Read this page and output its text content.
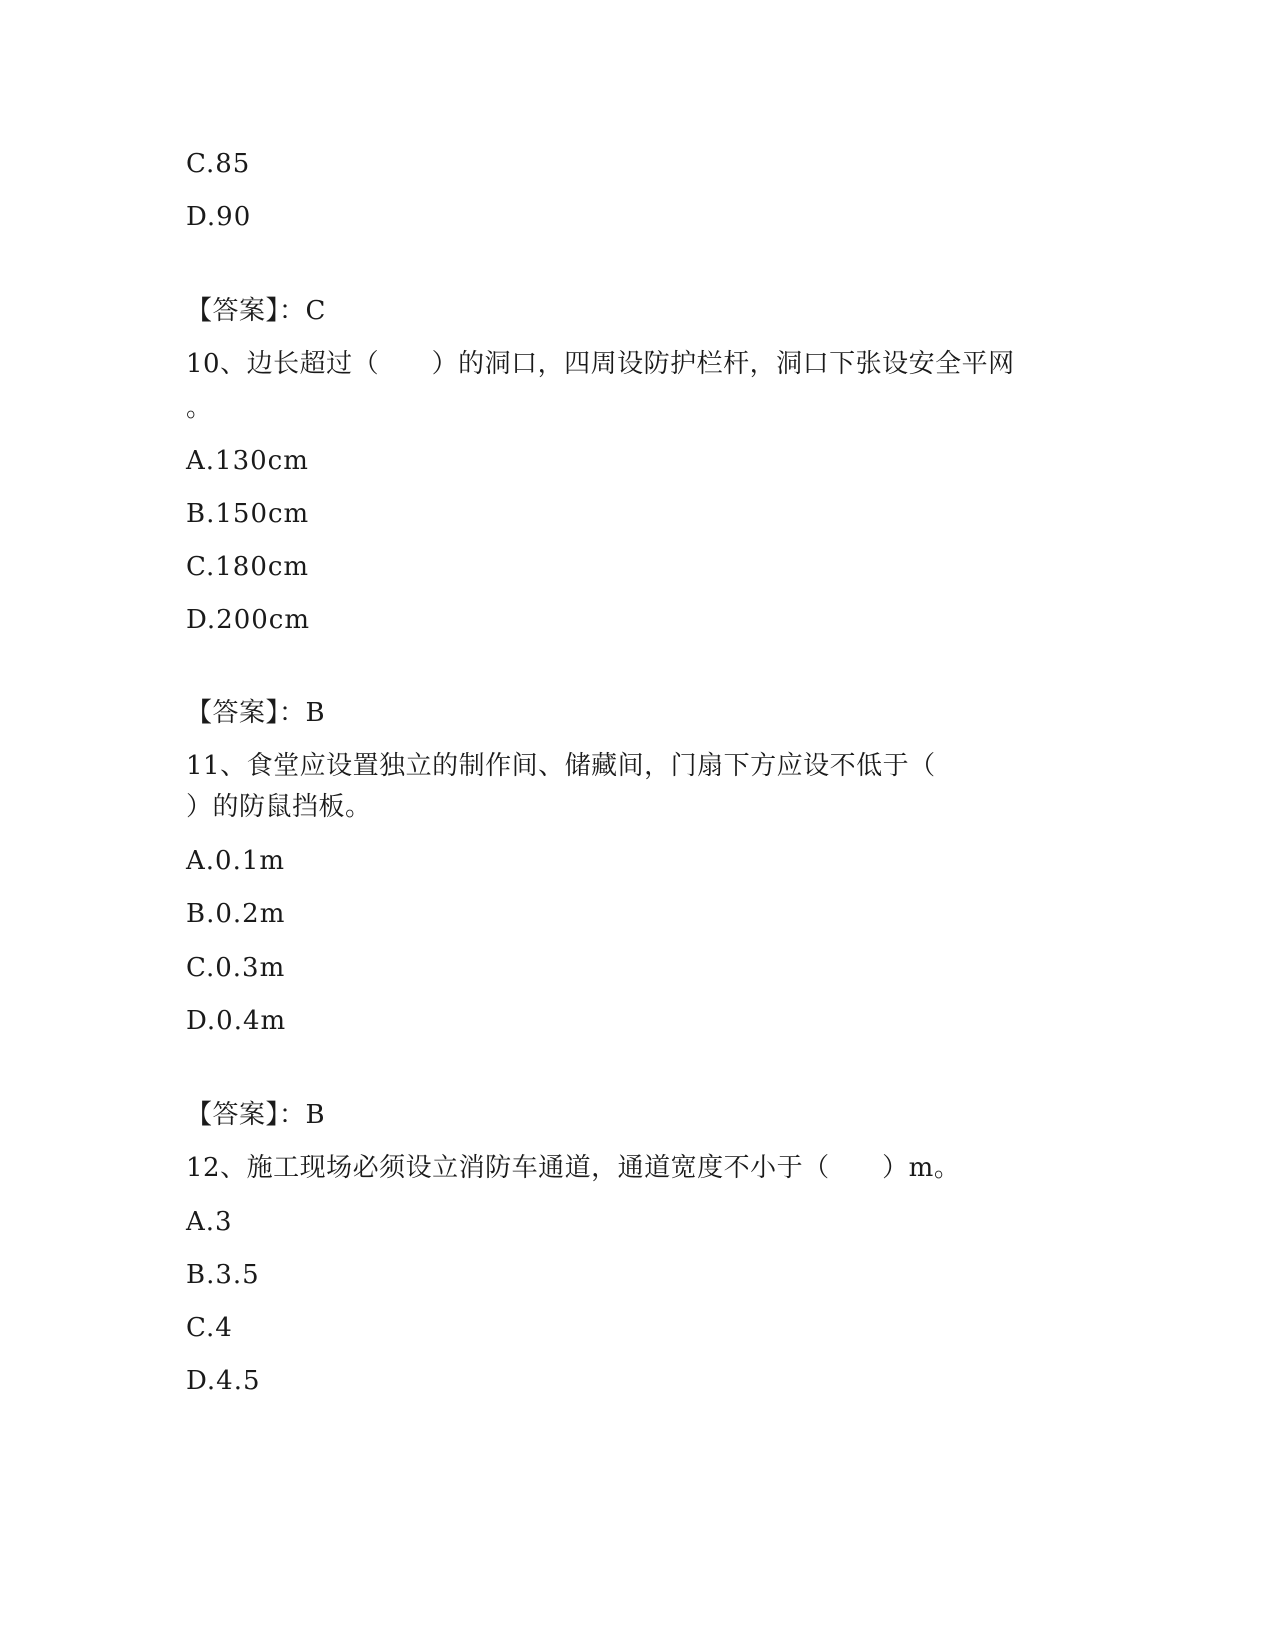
C.85
D.90
【答案】：C
10、边长超过（      ）的洞口，四周设防护栏杆，洞口下张设安全平网
。
A.130cm
B.150cm
C.180cm
D.200cm
【答案】：B
11、食堂应设置独立的制作间、储藏间，门扇下方应设不低于（
）的防鼠挡板。
A.0.1m
B.0.2m
C.0.3m
D.0.4m
【答案】：B
12、施工现场必须设立消防车通道，通道宽度不小于（      ）m。
A.3
B.3.5
C.4
D.4.5
